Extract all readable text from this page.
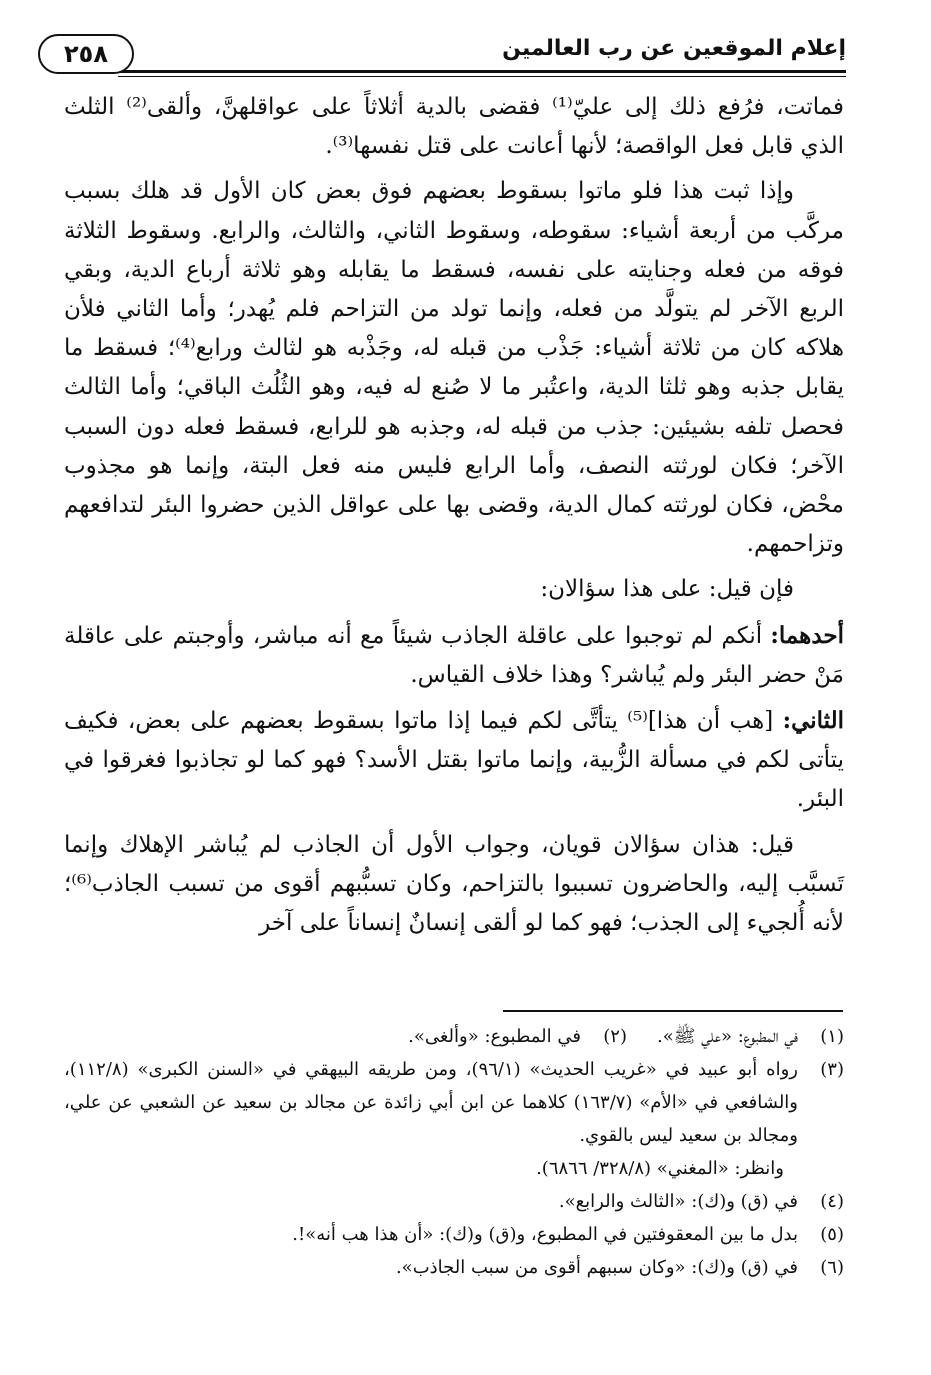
إعلام الموقعين عن رب العالمين
٢٥٨

فماتت، فرُفع ذلك إلى عليّ⁽¹⁾ فقضى بالدية أثلاثاً على عواقلهنَّ، وألقى⁽²⁾ الثلث الذي قابل فعل الواقصة؛ لأنها أعانت على قتل نفسها⁽³⁾.

وإذا ثبت هذا فلو ماتوا بسقوط بعضهم فوق بعض كان الأول قد هلك بسبب مركَّب من أربعة أشياء: سقوطه، وسقوط الثاني، والثالث، والرابع. وسقوط الثلاثة فوقه من فعله وجنايته على نفسه، فسقط ما يقابله وهو ثلاثة أرباع الدية، وبقي الربع الآخر لم يتولَّد من فعله، وإنما تولد من التزاحم فلم يُهدر؛ وأما الثاني فلأن هلاكه كان من ثلاثة أشياء: جَذْب من قبله له، وجَذْبه هو لثالث ورابع⁽⁴⁾؛ فسقط ما يقابل جذبه وهو ثلثا الدية، واعتُبر ما لا صُنع له فيه، وهو الثُلُث الباقي؛ وأما الثالث فحصل تلفه بشيئين: جذب من قبله له، وجذبه هو للرابع، فسقط فعله دون السبب الآخر؛ فكان لورثته النصف، وأما الرابع فليس منه فعل البتة، وإنما هو مجذوب محْض، فكان لورثته كمال الدية، وقضى بها على عواقل الذين حضروا البئر لتدافعهم وتزاحمهم.

فإن قيل: على هذا سؤالان:

أحدهما: أنكم لم توجبوا على عاقلة الجاذب شيئاً مع أنه مباشر، وأوجبتم على عاقلة مَنْ حضر البئر ولم يُباشر؟ وهذا خلاف القياس.

الثاني: [هب أن هذا]⁽⁵⁾ يتأتَّى لكم فيما إذا ماتوا بسقوط بعضهم على بعض، فكيف يتأتى لكم في مسألة الزُّبية، وإنما ماتوا بقتل الأسد؟ فهو كما لو تجاذبوا فغرقوا في البئر.

قيل: هذان سؤالان قويان، وجواب الأول أن الجاذب لم يُباشر الإهلاك وإنما تَسبَّب إليه، والحاضرون تسببوا بالتزاحم، وكان تسبُّبهم أقوى من تسبب الجاذب⁽⁶⁾؛ لأنه أُلجيء إلى الجذب؛ فهو كما لو ألقى إنسانٌ إنساناً على آخر

(١)
في المطبوع: «علي ﷺ».
(٢)
في المطبوع: «وألغى».
(٣)
رواه أبو عبيد في «غريب الحديث» (٩٦/١)، ومن طريقه البيهقي في «السنن الكبرى» (١١٢/٨)، والشافعي في «الأم» (١٦٣/٧) كلاهما عن ابن أبي زائدة عن مجالد بن سعيد عن الشعبي عن علي، ومجالد بن سعيد ليس بالقوي.
وانظر: «المغني» (٣٢٨/٨/ ٦٨٦٦).
(٤)
في (ق) و(ك): «الثالث والرابع».
(٥)
بدل ما بين المعقوفتين في المطبوع، و(ق) و(ك): «أن هذا هب أنه»!.
(٦)
في (ق) و(ك): «وكان سببهم أقوى من سبب الجاذب».
